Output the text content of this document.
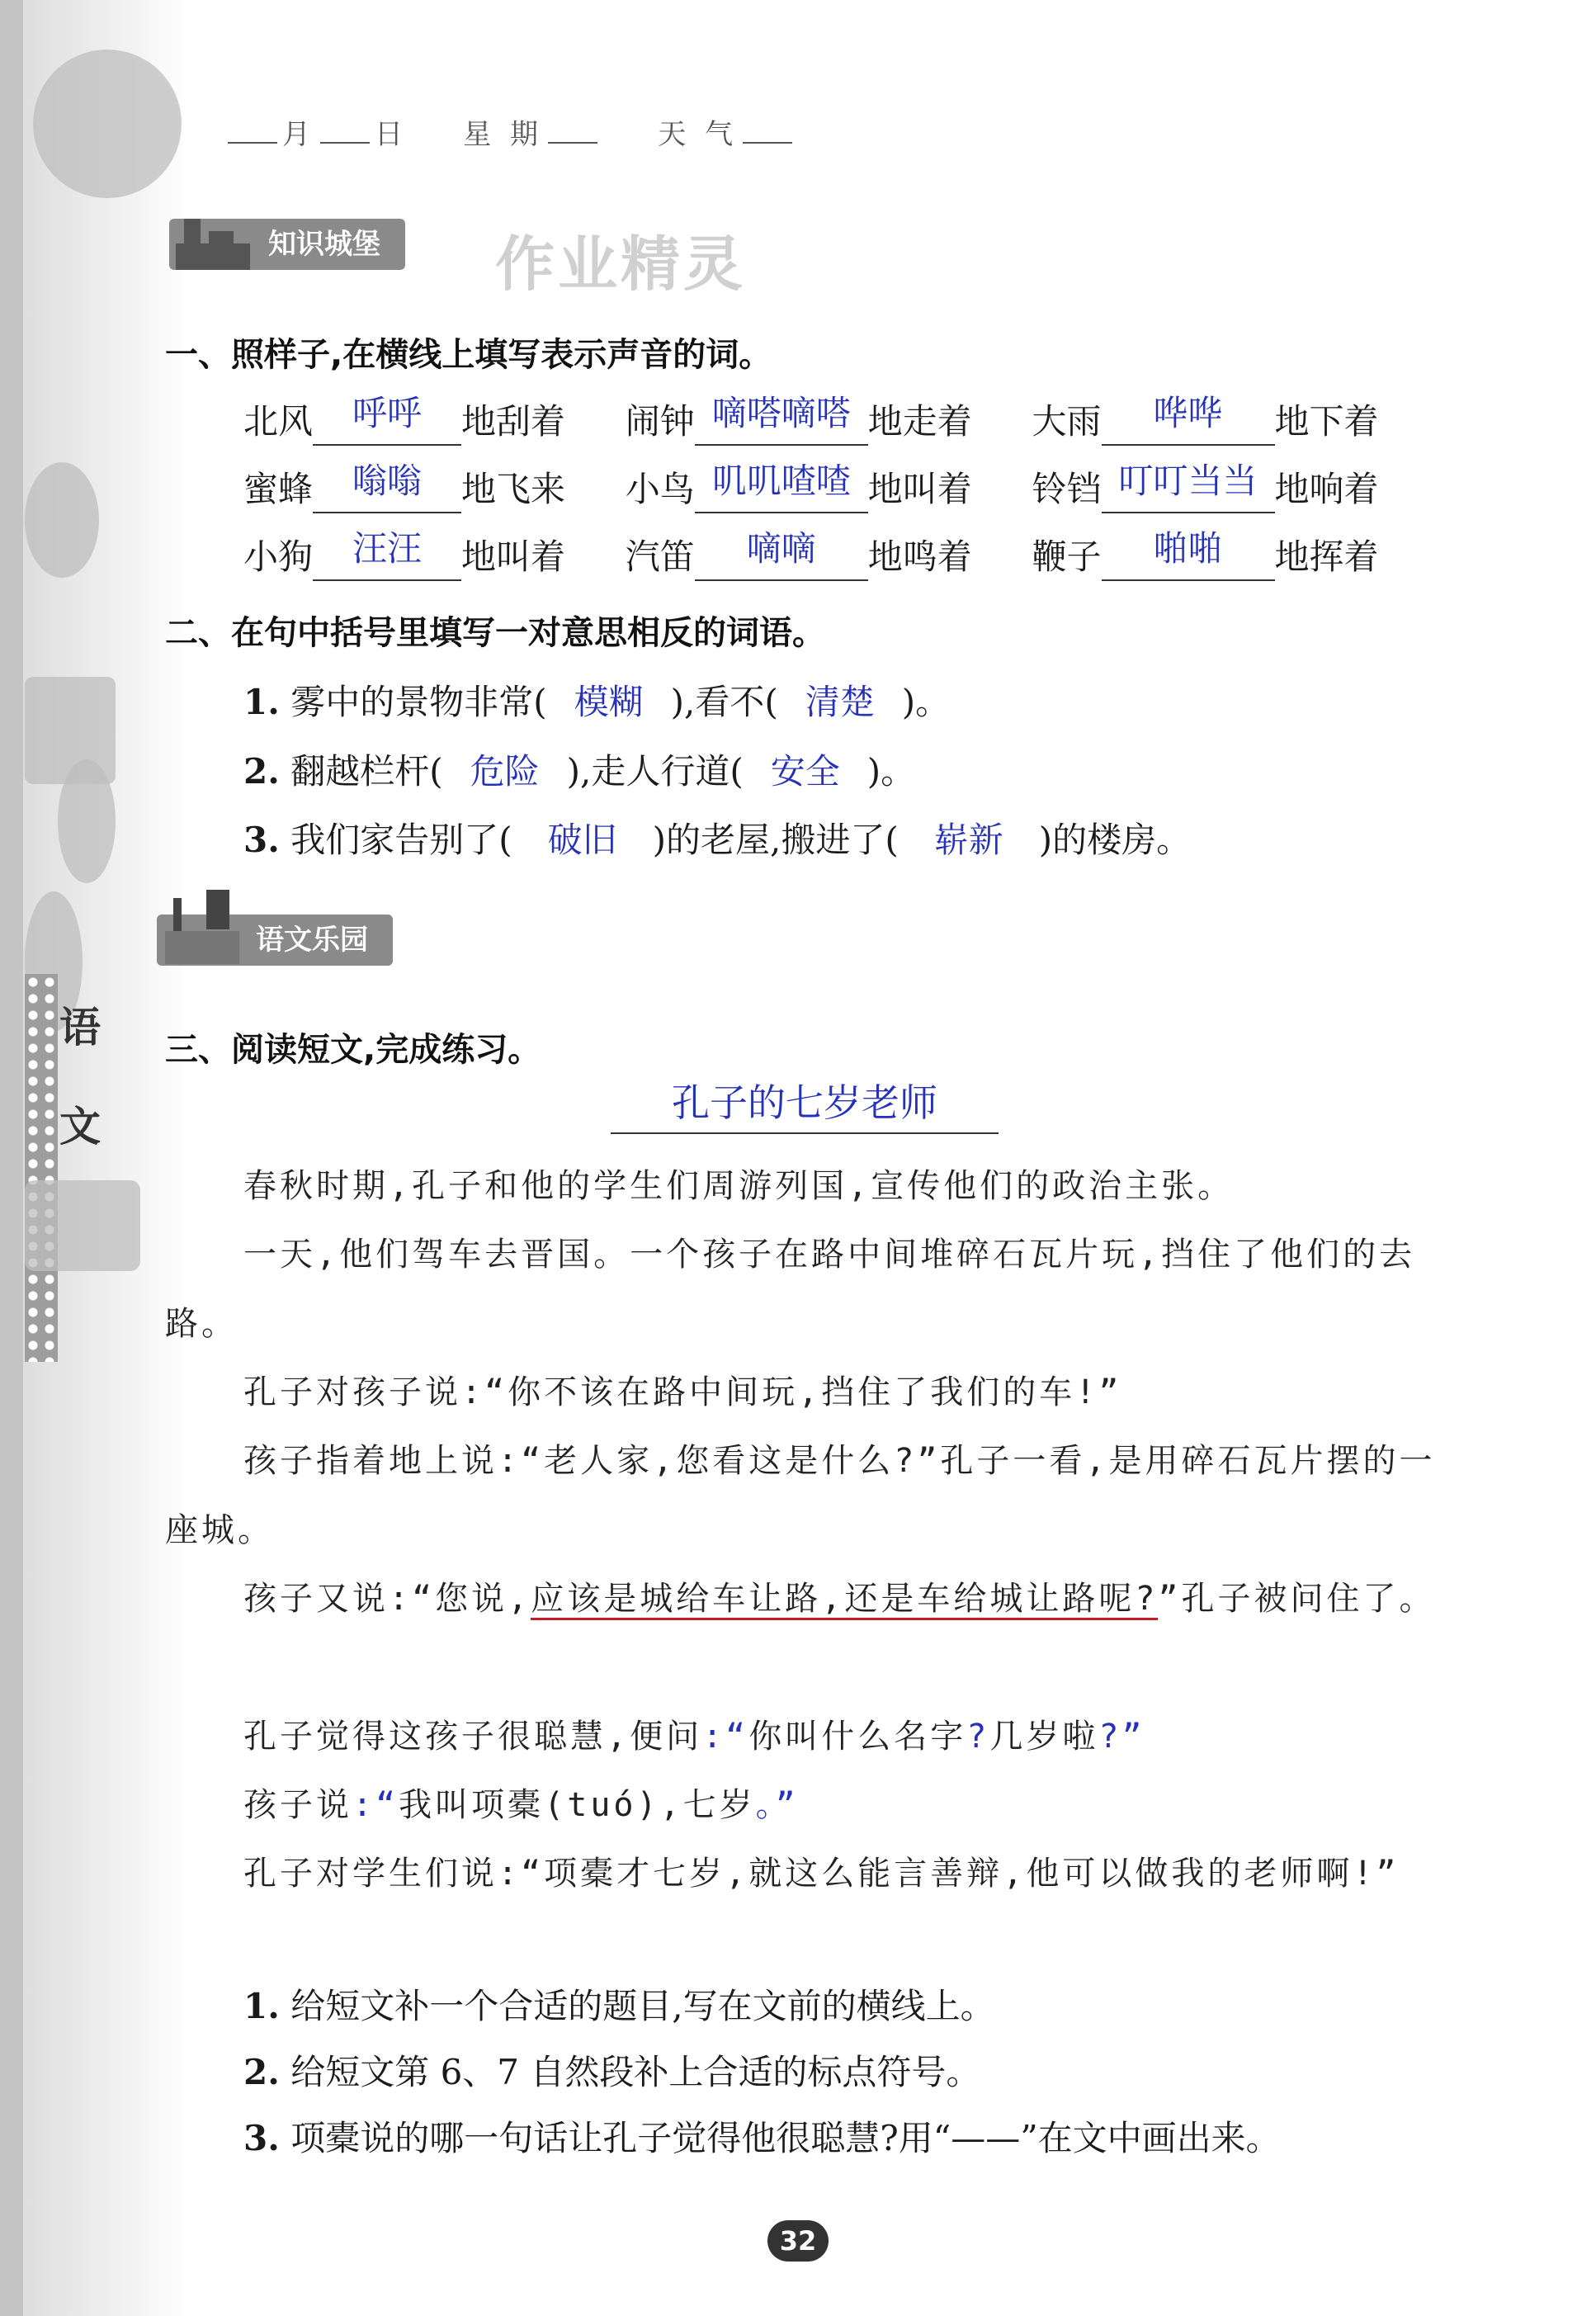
语
文
月 日 星 期	天 气
知识城堡	作业精灵
一、照样子,在横线上填写表示声音的词。
北风 呼呼 地刮着 闹钟 嘀嗒嘀嗒 地走着 大雨 哗哗 地下着
蜜蜂 嗡嗡 地飞来 小鸟 叽叽喳喳 地叫着 铃铛 叮叮当当 地响着
小狗 汪汪 地叫着 汽笛 嘀嘀 地鸣着 鞭子 啪啪 地挥着
二、在句中括号里填写一对意思相反的词语。
1. 雾中的景物非常( 模糊 ),看不( 清楚 )。
2. 翻越栏杆( 危险 ),走人行道( 安全 )。
3. 我们家告别了( 破旧 )的老屋,搬进了( 崭新 )的楼房。
语文乐园
三、阅读短文,完成练习。
孔子的七岁老师
春秋时期,孔子和他的学生们周游列国,宣传他们的政治主张。
一天,他们驾车去晋国。一个孩子在路中间堆碎石瓦片玩,挡住了他们的去路。
孔子对孩子说:“你不该在路中间玩,挡住了我们的车!”
孩子指着地上说:“老人家,您看这是什么?”孔子一看,是用碎石瓦片摆的一座城。
孩子又说:“您说,应该是城给车让路,还是车给城让路呢?”孔子被问住了。
孔子觉得这孩子很聪慧,便问:“你叫什么名字?几岁啦?”
孩子说:“我叫项橐(tuó),七岁。”
孔子对学生们说:“项橐才七岁,就这么能言善辩,他可以做我的老师啊!”
1. 给短文补一个合适的题目,写在文前的横线上。
2. 给短文第 6、7 自然段补上合适的标点符号。
3. 项橐说的哪一句话让孔子觉得他很聪慧?用“——”在文中画出来。
32
